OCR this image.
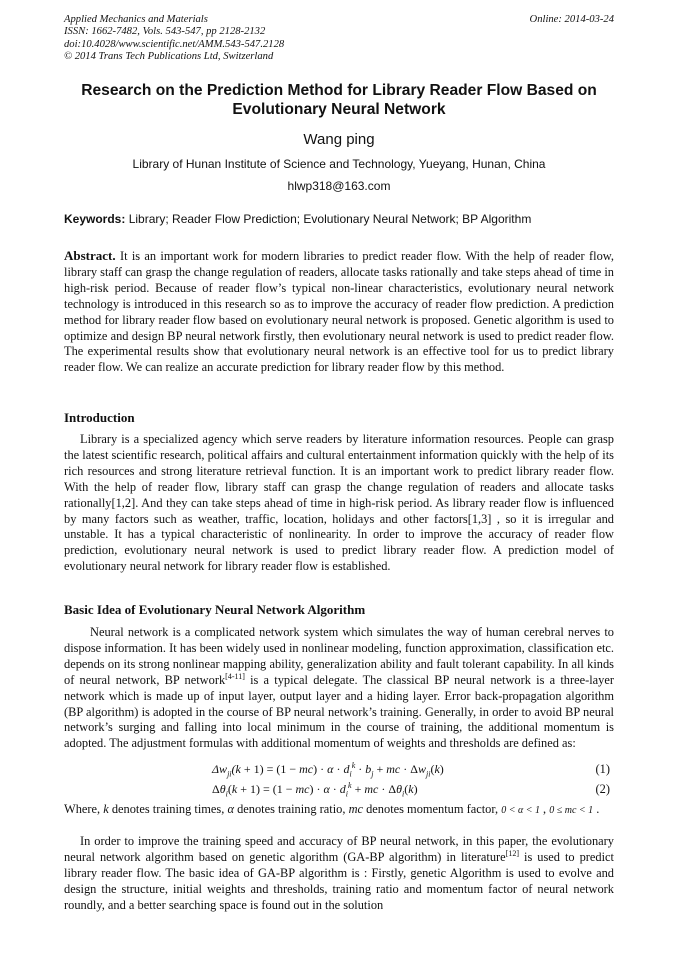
Applied Mechanics and Materials
ISSN: 1662-7482, Vols. 543-547, pp 2128-2132
doi:10.4028/www.scientific.net/AMM.543-547.2128
© 2014 Trans Tech Publications Ltd, Switzerland
Online: 2014-03-24
Research on the Prediction Method for Library Reader Flow Based on Evolutionary Neural Network
Wang ping
Library of Hunan Institute of Science and Technology, Yueyang, Hunan, China
hlwp318@163.com
Keywords: Library; Reader Flow Prediction; Evolutionary Neural Network; BP Algorithm

Abstract. It is an important work for modern libraries to predict reader flow. With the help of reader flow, library staff can grasp the change regulation of readers, allocate tasks rationally and take steps ahead of time in high-risk period. Because of reader flow’s typical non-linear characteristics, evolutionary neural network technology is introduced in this research so as to improve the accuracy of reader flow prediction. A prediction method for library reader flow based on evolutionary neural network is proposed. Genetic algorithm is used to optimize and design BP neural network firstly, then evolutionary neural network is used to predict reader flow. The experimental results show that evolutionary neural network is an effective tool for us to predict library reader flow. We can realize an accurate prediction for library reader flow by this method.

Introduction

Library is a specialized agency which serve readers by literature information resources. People can grasp the latest scientific research, political affairs and cultural entertainment information quickly with the help of its rich resources and strong literature retrieval function. It is an important work to predict library reader flow. With the help of reader flow, library staff can grasp the change regulation of readers and allocate tasks rationally[1,2]. And they can take steps ahead of time in high-risk period. As library reader flow is influenced by many factors such as weather, traffic, location, holidays and other factors[1,3] , so it is irregular and unstable. It has a typical characteristic of nonlinearity. In order to improve the accuracy of reader flow prediction, evolutionary neural network is used to predict library reader flow. A prediction model of evolutionary neural network for library reader flow is established.

Basic Idea of Evolutionary Neural Network Algorithm

Neural network is a complicated network system which simulates the way of human cerebral nerves to dispose information. It has been widely used in nonlinear modeling, function approximation, classification etc. depends on its strong nonlinear mapping ability, generalization ability and fault tolerant capability. In all kinds of neural network, BP network[4-11] is a typical delegate. The classical BP neural network is a three-layer network which is made up of input layer, output layer and a hiding layer. Error back-propagation algorithm (BP algorithm) is adopted in the course of BP neural network’s training. Generally, in order to avoid BP neural network’s surging and falling into local minimum in the course of training, the additional momentum is adopted. The adjustment formulas with additional momentum of weights and thresholds are defined as:

$\Delta w_{ji}(k + 1) = (1 - mc) \cdot \alpha \cdot d_i^k \cdot b_j$ + mc · $\Delta w_{ji}(k)$	(1)
$\Delta\theta_i(k + 1) = (1 - mc) \cdot \alpha \cdot d_i^k$ + mc · $\Delta\theta_i(k)$	(2)

Where, k denotes training times, α denotes training ratio, mc denotes momentum factor, 0 < α < 1 , 0 ≤ mc < 1 .

In order to improve the training speed and accuracy of BP neural network, in this paper, the evolutionary neural network algorithm based on genetic algorithm (GA-BP algorithm) in literature[12] is used to predict library reader flow. The basic idea of GA-BP algorithm is : Firstly, genetic Algorithm is used to evolve and design the structure, initial weights and thresholds, training ratio and momentum factor of neural network roundly, and a better searching space is found out in the solution
